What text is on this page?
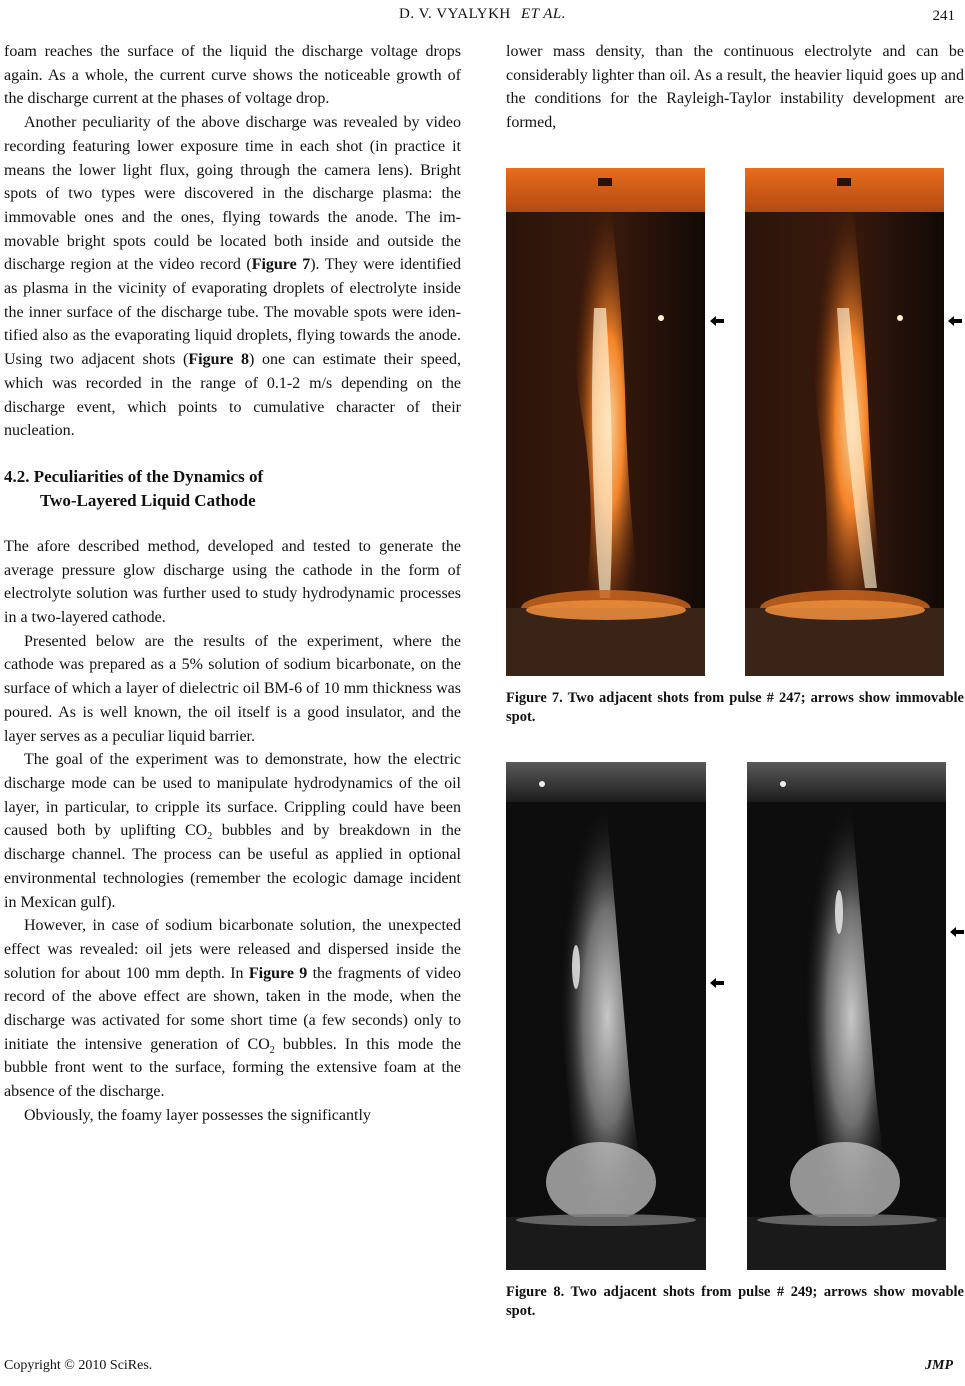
D. V. VYALYKH ET AL.	241

foam reaches the surface of the liquid the discharge voltage drops again. As a whole, the current curve shows the noticeable growth of the discharge current at the phases of voltage drop.

Another peculiarity of the above discharge was revealed by video recording featuring lower exposure time in each shot (in practice it means the lower light flux, going through the camera lens). Bright spots of two types were discovered in the discharge plasma: the immovable ones and the ones, flying towards the anode. The immovable bright spots could be located both inside and outside the discharge region at the video record (Figure 7). They were identified as plasma in the vicinity of evaporating droplets of electrolyte inside the inner surface of the discharge tube. The movable spots were identified also as the evaporating liquid droplets, flying towards the anode. Using two adjacent shots (Figure 8) one can estimate their speed, which was recorded in the range of 0.1-2 m/s depending on the discharge event, which points to cumulative character of their nucleation.

4.2. Peculiarities of the Dynamics of
Two-Layered Liquid Cathode

The afore described method, developed and tested to generate the average pressure glow discharge using the cathode in the form of electrolyte solution was further used to study hydrodynamic processes in a two-layered cathode.

Presented below are the results of the experiment, where the cathode was prepared as a 5% solution of sodium bicarbonate, on the surface of which a layer of dielectric oil BM-6 of 10 mm thickness was poured. As is well known, the oil itself is a good insulator, and the layer serves as a peculiar liquid barrier.

The goal of the experiment was to demonstrate, how the electric discharge mode can be used to manipulate hydrodynamics of the oil layer, in particular, to cripple its surface. Crippling could have been caused both by uplifting $CO_2$ bubbles and by breakdown in the discharge channel. The process can be useful as applied in optional environmental technologies (remember the ecologic damage incident in Mexican gulf).

However, in case of sodium bicarbonate solution, the unexpected effect was revealed: oil jets were released and dispersed inside the solution for about 100 mm depth. In Figure 9 the fragments of video record of the above effect are shown, taken in the mode, when the discharge was activated for some short time (a few seconds) only to initiate the intensive generation of $CO_2$ bubbles. In this mode the bubble front went to the surface, forming the extensive foam at the absence of the discharge.

Obviously, the foamy layer possesses the significantly

lower mass density, than the continuous electrolyte and can be considerably lighter than oil. As a result, the heavier liquid goes up and the conditions for the Rayleigh-Taylor instability development are formed,

Figure 7. Two adjacent shots from pulse # 247; arrows show immovable spot.
Figure 8. Two adjacent shots from pulse # 249; arrows show movable spot.
Copyright © 2010 SciRes.	JMP
